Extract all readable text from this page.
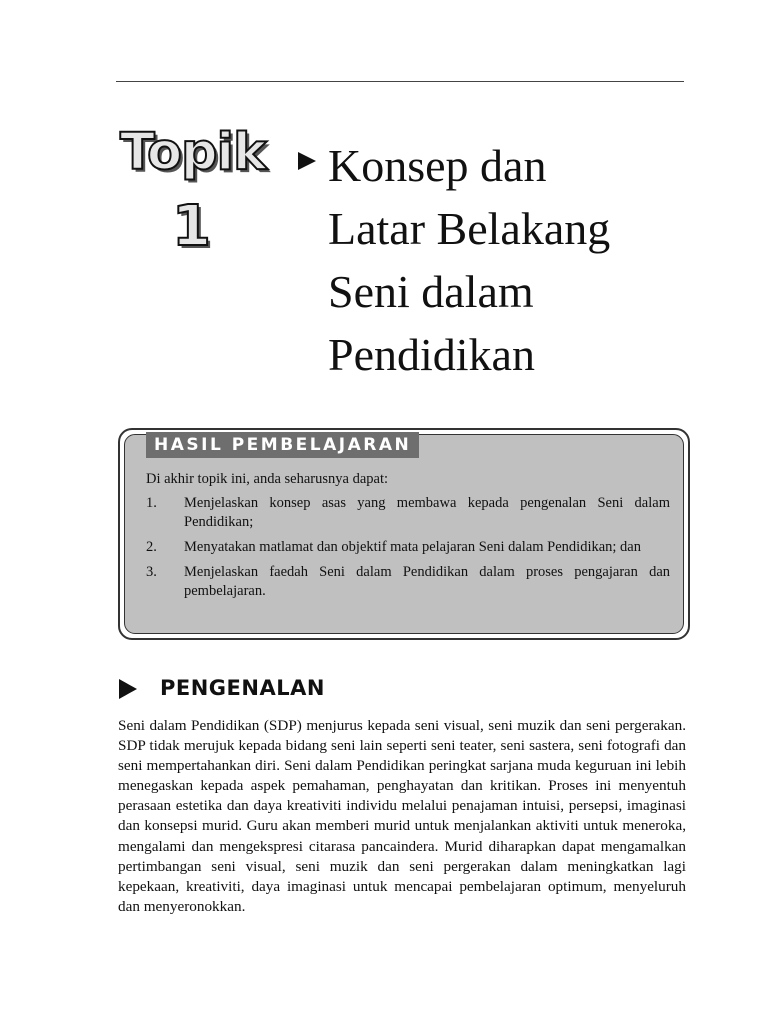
Topik
1
Konsep dan
Latar Belakang
Seni dalam
Pendidikan
HASIL PEMBELAJARAN
Di akhir topik ini, anda seharusnya dapat:
1. Menjelaskan konsep asas yang membawa kepada pengenalan Seni dalam Pendidikan;
2. Menyatakan matlamat dan objektif mata pelajaran Seni dalam Pendidikan; dan
3. Menjelaskan faedah Seni dalam Pendidikan dalam proses pengajaran dan pembelajaran.
PENGENALAN

Seni dalam Pendidikan (SDP) menjurus kepada seni visual, seni muzik dan seni pergerakan. SDP tidak merujuk kepada bidang seni lain seperti seni teater, seni sastera, seni fotografi dan seni mempertahankan diri. Seni dalam Pendidikan peringkat sarjana muda keguruan ini lebih menegaskan kepada aspek pemahaman, penghayatan dan kritikan. Proses ini menyentuh perasaan estetika dan daya kreativiti individu melalui penajaman intuisi, persepsi, imaginasi dan konsepsi murid. Guru akan memberi murid untuk menjalankan aktiviti untuk meneroka, mengalami dan mengekspresi citarasa pancaindera. Murid diharapkan dapat mengamalkan pertimbangan seni visual, seni muzik dan seni pergerakan dalam meningkatkan lagi kepekaan, kreativiti, daya imaginasi untuk mencapai pembelajaran optimum, menyeluruh dan menyeronokkan.
